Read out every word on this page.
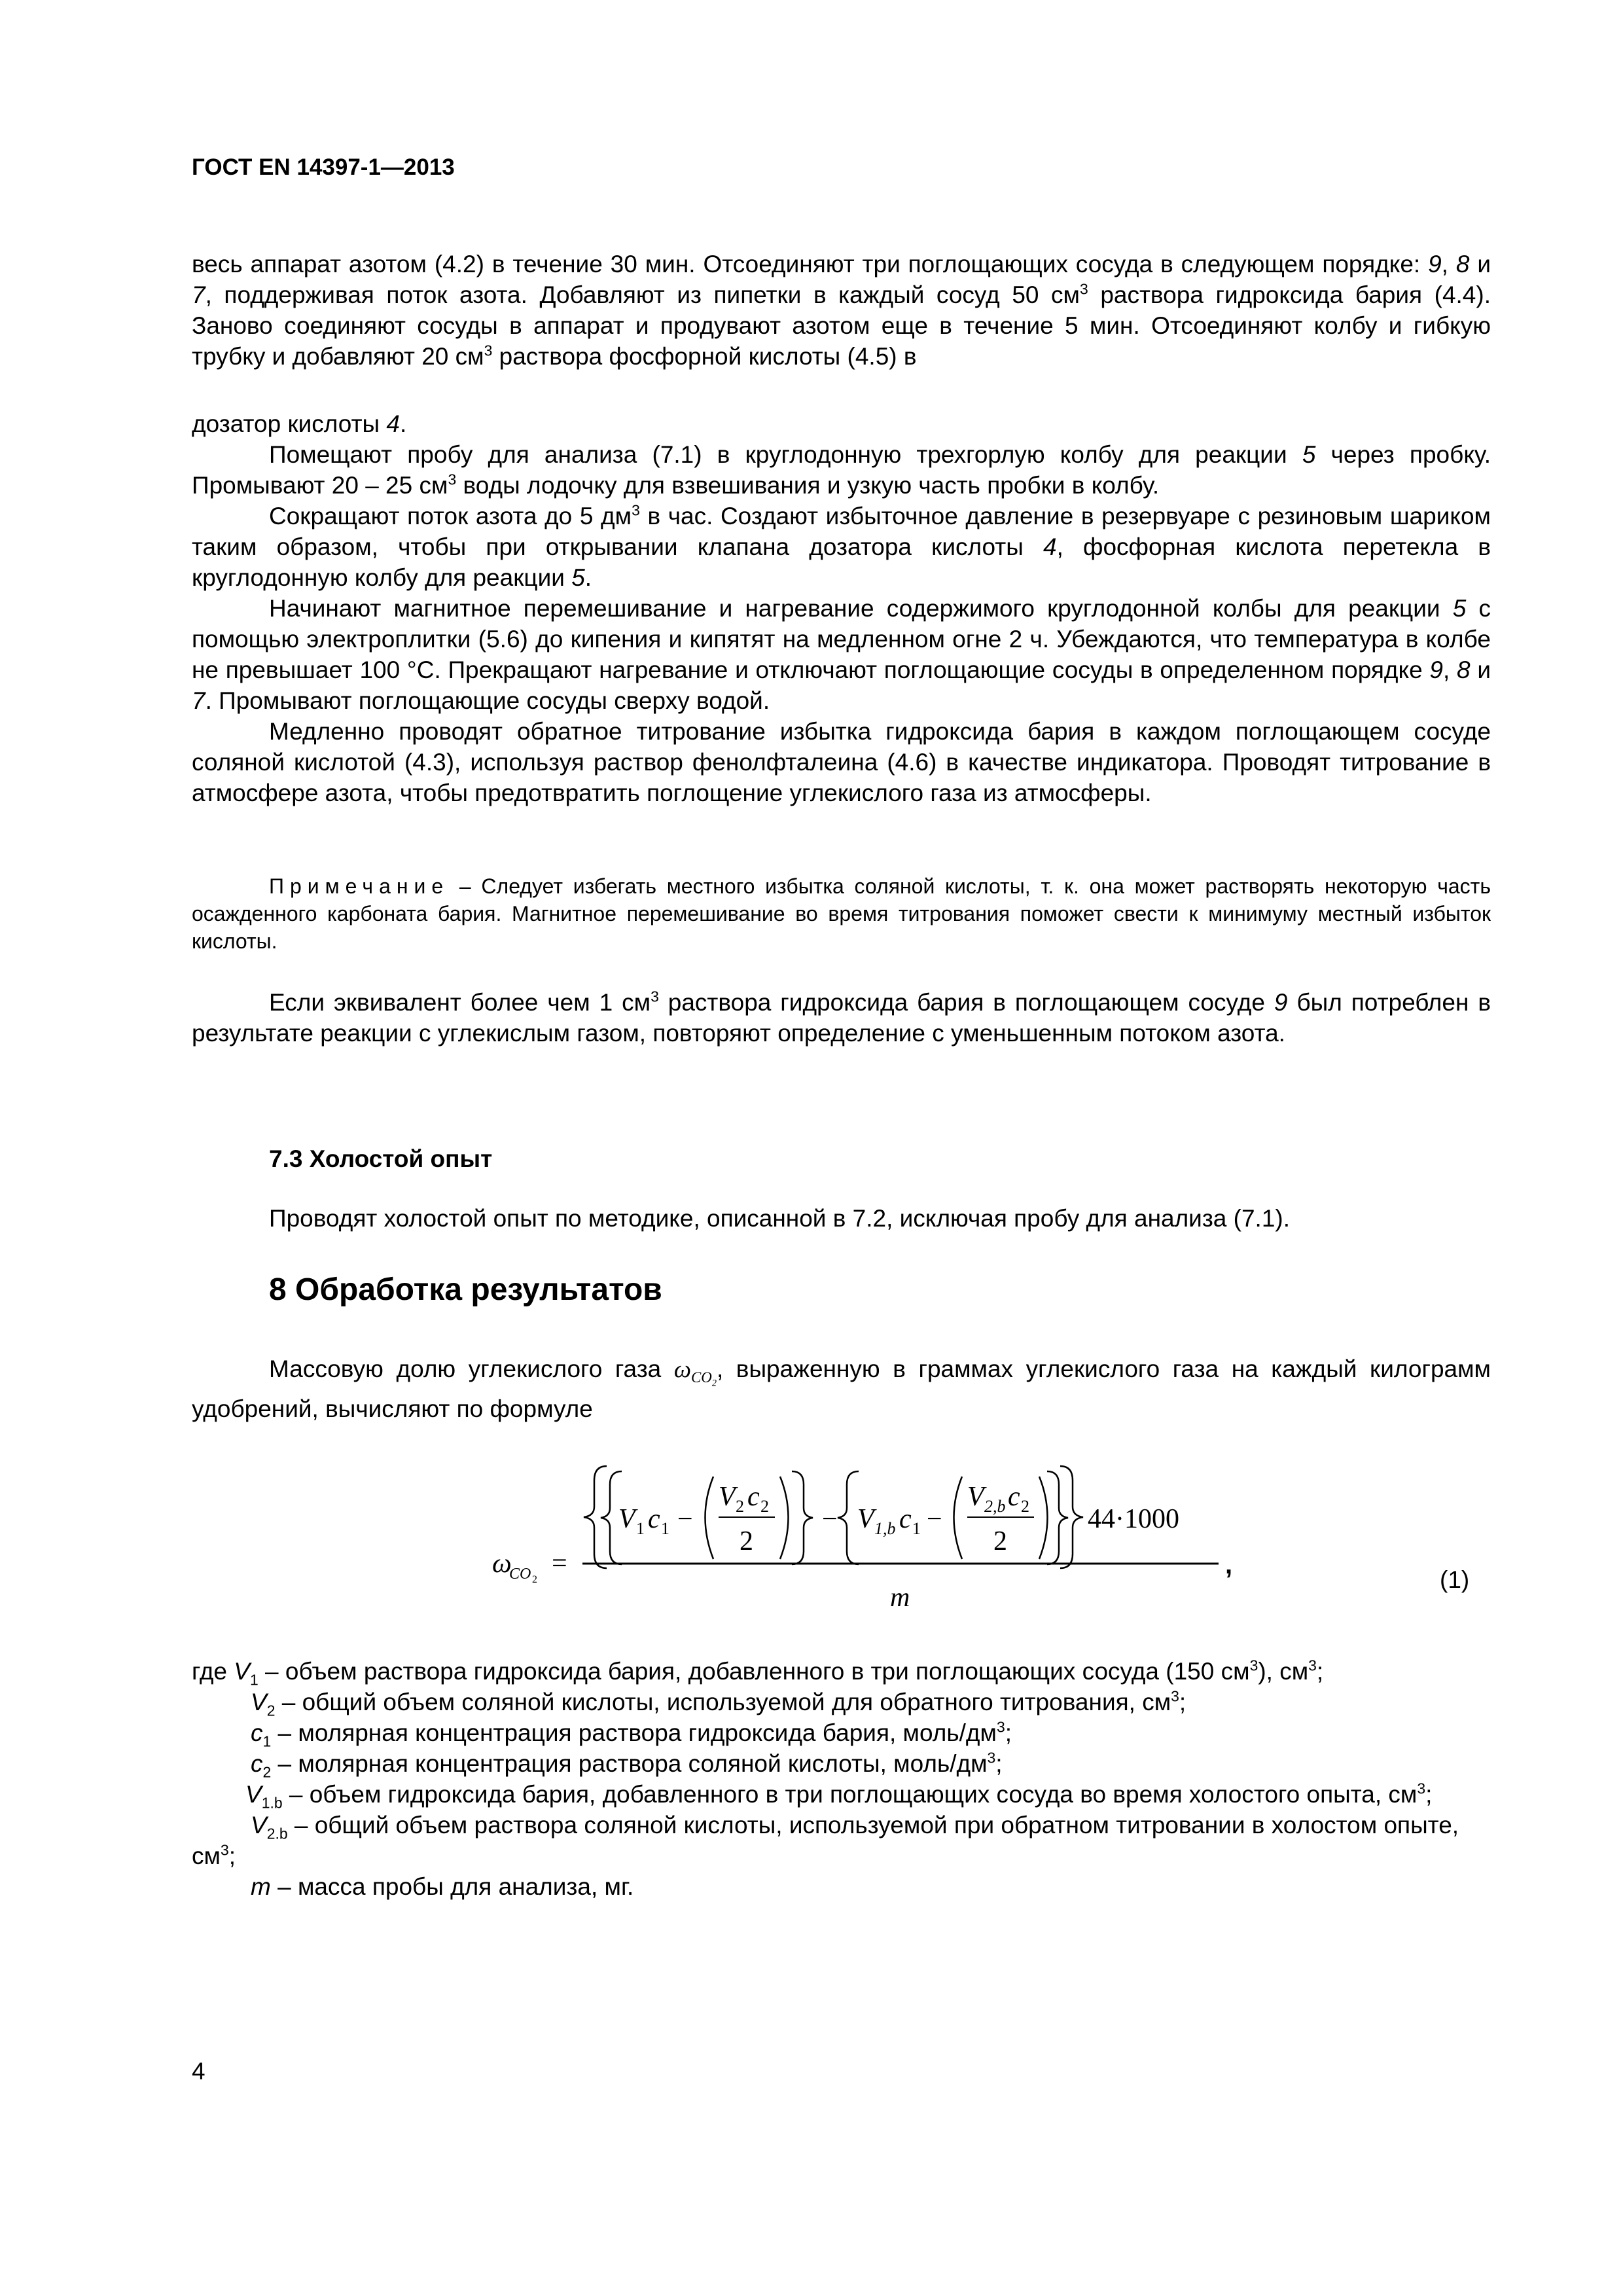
ГОСТ EN 14397-1—2013

весь аппарат азотом (4.2) в течение 30 мин. Отсоединяют три поглощающих сосуда в следующем порядке: 9, 8 и 7, поддерживая поток азота. Добавляют из пипетки в каждый сосуд 50 $см^3$ раствора гидроксида бария (4.4). Заново соединяют сосуды в аппарат и продувают азотом еще в течение 5 мин. Отсоединяют колбу и гибкую трубку и добавляют 20 $см^3$ раствора фосфорной кислоты (4.5) в

дозатор кислоты 4.

Помещают пробу для анализа (7.1) в круглодонную трехгорлую колбу для реакции 5 через пробку. Промывают 20 – 25 $см^3$ воды лодочку для взвешивания и узкую часть пробки в колбу.

Сокращают поток азота до 5 $дм^3$ в час. Создают избыточное давление в резервуаре с резиновым шариком таким образом, чтобы при открывании клапана дозатора кислоты 4, фосфорная кислота перетекла в круглодонную колбу для реакции 5.

Начинают магнитное перемешивание и нагревание содержимого круглодонной колбы для реакции 5 с помощью электроплитки (5.6) до кипения и кипятят на медленном огне 2 ч. Убеждаются, что температура в колбе не превышает 100 °С. Прекращают нагревание и отключают поглощающие сосуды в определенном порядке 9, 8 и 7. Промывают поглощающие сосуды сверху водой.

Медленно проводят обратное титрование избытка гидроксида бария в каждом поглощающем сосуде соляной кислотой (4.3), используя раствор фенолфталеина (4.6) в качестве индикатора. Проводят титрование в атмосфере азота, чтобы предотвратить поглощение углекислого газа из атмосферы.

Примечание – Следует избегать местного избытка соляной кислоты, т. к. она может растворять некоторую часть осажденного карбоната бария. Магнитное перемешивание во время титрования поможет свести к минимуму местный избыток кислоты.

Если эквивалент более чем 1 $см^3$ раствора гидроксида бария в поглощающем сосуде 9 был потреблен в результате реакции с углекислым газом, повторяют определение с уменьшенным потоком азота.

7.3 Холостой опыт

Проводят холостой опыт по методике, описанной в 7.2, исключая пробу для анализа (7.1).

8 Обработка результатов

Массовую долю углекислого газа $\omega_{CO_2}$, выраженную в граммах углекислого газа на каждый килограмм удобрений, вычисляют по формуле

ω
CO 2
=
V 1 c 1 −
V 2 c 2
2
− V 1,b c 1 −
V 2,b c 2
2
44·1000
m
,
(1)

где $V_1$ – объем раствора гидроксида бария, добавленного в три поглощающих сосуда (150 $см^3$), $см^3$;

$V_2$ – общий объем соляной кислоты, используемой для обратного титрования, $см^3$;

$c_1$ – молярная концентрация раствора гидроксида бария, моль/$дм^3$;

$c_2$ – молярная концентрация раствора соляной кислоты, моль/$дм^3$;

$V_{1.b}$ – объем гидроксида бария, добавленного в три поглощающих сосуда во время холостого опыта, $см^3$;

$V_{2.b}$ – общий объем раствора соляной кислоты, используемой при обратном титровании в холостом опыте, $см^3$;

m – масса пробы для анализа, мг.

4
